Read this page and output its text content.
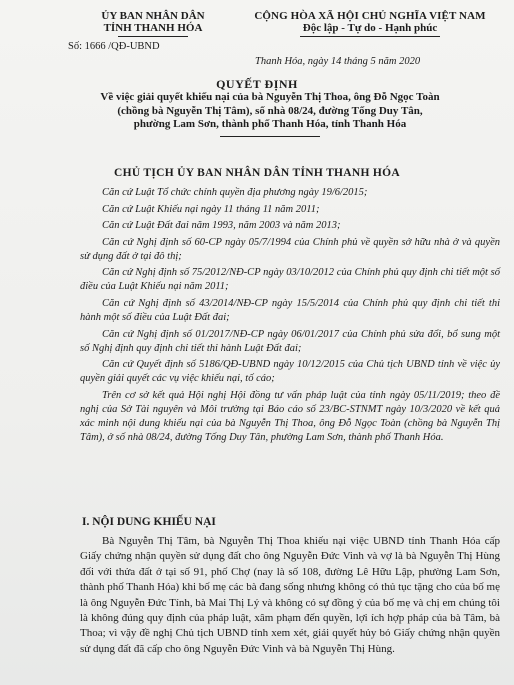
ỦY BAN NHÂN DÂN
TỈNH THANH HÓA
Số: 1666 /QĐ-UBND
CỘNG HÒA XÃ HỘI CHỦ NGHĨA VIỆT NAM
Độc lập - Tự do - Hạnh phúc
Thanh Hóa, ngày 14 tháng 5 năm 2020
QUYẾT ĐỊNH
Về việc giải quyết khiếu nại của bà Nguyễn Thị Thoa, ông Đỗ Ngọc Toàn
(chồng bà Nguyễn Thị Tâm), số nhà 08/24, đường Tống Duy Tân,
phường Lam Sơn, thành phố Thanh Hóa, tỉnh Thanh Hóa
CHỦ TỊCH ỦY BAN NHÂN DÂN TỈNH THANH HÓA

Căn cứ Luật Tổ chức chính quyền địa phương ngày 19/6/2015;

Căn cứ Luật Khiếu nại ngày 11 tháng 11 năm 2011;

Căn cứ Luật Đất đai năm 1993, năm 2003 và năm 2013;

Căn cứ Nghị định số 60-CP ngày 05/7/1994 của Chính phủ về quyền sở hữu nhà ở và quyền sử dụng đất ở tại đô thị;

Căn cứ Nghị định số 75/2012/NĐ-CP ngày 03/10/2012 của Chính phủ quy định chi tiết một số điều của Luật Khiếu nại năm 2011;

Căn cứ Nghị định số 43/2014/NĐ-CP ngày 15/5/2014 của Chính phủ quy định chi tiết thi hành một số điều của Luật Đất đai;

Căn cứ Nghị định số 01/2017/NĐ-CP ngày 06/01/2017 của Chính phủ sửa đổi, bổ sung một số Nghị định quy định chi tiết thi hành Luật Đất đai;

Căn cứ Quyết định số 5186/QĐ-UBND ngày 10/12/2015 của Chủ tịch UBND tỉnh về việc ủy quyền giải quyết các vụ việc khiếu nại, tố cáo;

Trên cơ sở kết quả Hội nghị Hội đồng tư vấn pháp luật của tỉnh ngày 05/11/2019; theo đề nghị của Sở Tài nguyên và Môi trường tại Báo cáo số 23/BC-STNMT ngày 10/3/2020 về kết quả xác minh nội dung khiếu nại của bà Nguyễn Thị Thoa, ông Đỗ Ngọc Toàn (chồng bà Nguyễn Thị Tâm), ở số nhà 08/24, đường Tống Duy Tân, phường Lam Sơn, thành phố Thanh Hóa.

I. NỘI DUNG KHIẾU NẠI

Bà Nguyễn Thị Tâm, bà Nguyễn Thị Thoa khiếu nại việc UBND tỉnh Thanh Hóa cấp Giấy chứng nhận quyền sử dụng đất cho ông Nguyễn Đức Vinh và vợ là bà Nguyễn Thị Hùng đối với thửa đất ở tại số 91, phố Chợ (nay là số 108, đường Lê Hữu Lập, phường Lam Sơn, thành phố Thanh Hóa) khi bố mẹ các bà đang sống nhưng không có thủ tục tặng cho của bố mẹ là ông Nguyễn Đức Tính, bà Mai Thị Lý và không có sự đồng ý của bố mẹ và chị em chúng tôi là không đúng quy định của pháp luật, xâm phạm đến quyền, lợi ích hợp pháp của bà Tâm, bà Thoa; vì vậy đề nghị Chủ tịch UBND tỉnh xem xét, giải quyết hủy bỏ Giấy chứng nhận quyền sử dụng đất đã cấp cho ông Nguyễn Đức Vinh và bà Nguyễn Thị Hùng.
